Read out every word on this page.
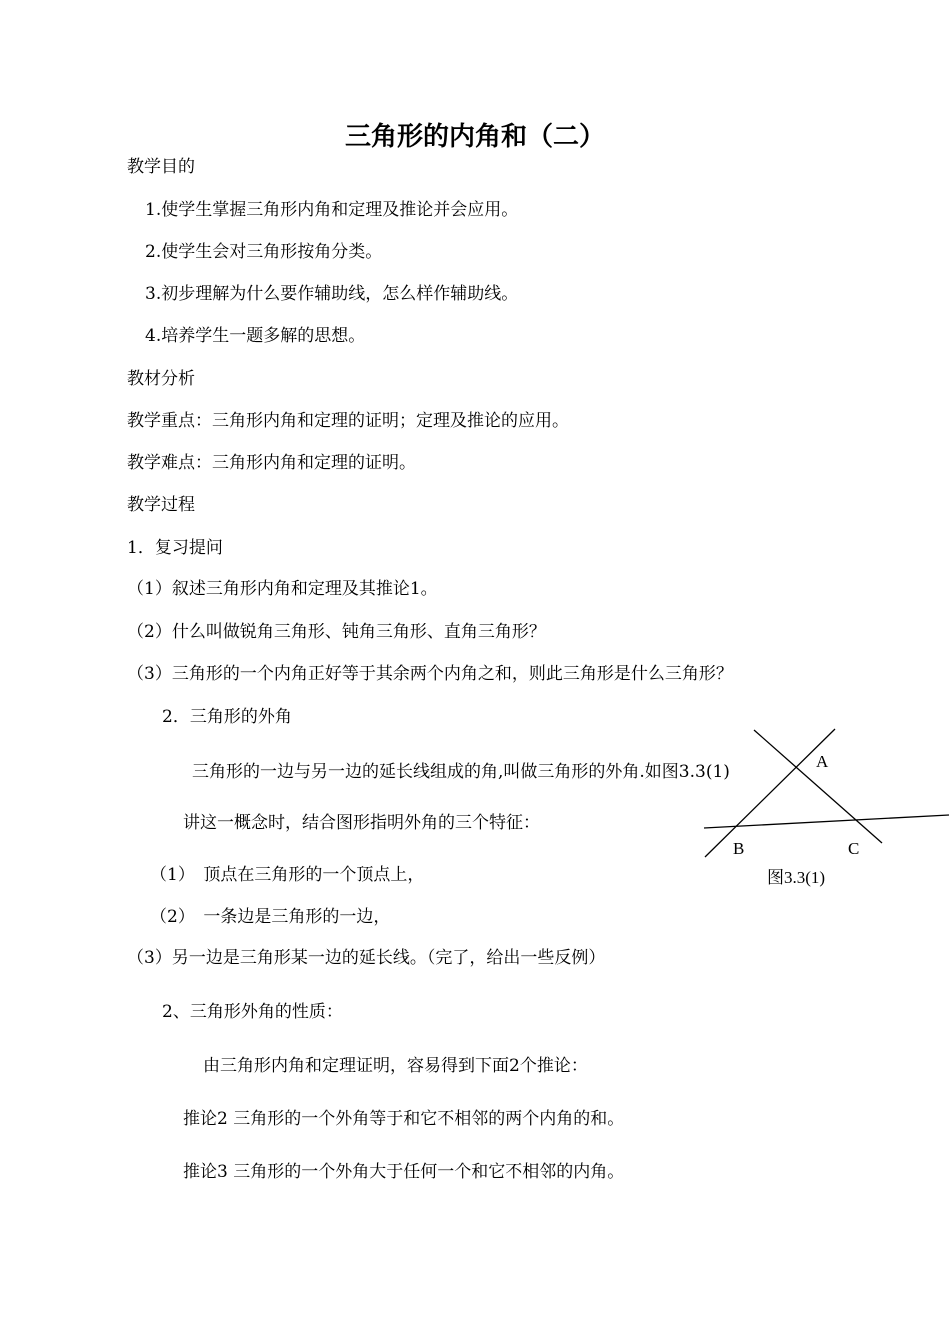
三角形的内角和（二）
教学目的
1.使学生掌握三角形内角和定理及推论并会应用。
2.使学生会对三角形按角分类。
3.初步理解为什么要作辅助线，怎么样作辅助线。
4.培养学生一题多解的思想。
教材分析
教学重点：三角形内角和定理的证明；定理及推论的应用。
教学难点：三角形内角和定理的证明。
教学过程
1．复习提问
（1）叙述三角形内角和定理及其推论1。
（2）什么叫做锐角三角形、钝角三角形、直角三角形？
（3）三角形的一个内角正好等于其余两个内角之和，则此三角形是什么三角形？
2．三角形的外角
三角形的一边与另一边的延长线组成的角,叫做三角形的外角.如图3.3(1)
讲这一概念时，结合图形指明外角的三个特征：
（1）　顶点在三角形的一个顶点上，
（2）　一条边是三角形的一边，
（3）另一边是三角形某一边的延长线。（完了，给出一些反例）
2、三角形外角的性质：
由三角形内角和定理证明，容易得到下面2个推论：
推论2 三角形的一个外角等于和它不相邻的两个内角的和。
推论3 三角形的一个外角大于任何一个和它不相邻的内角。
A
B	C
图3.3(1)
